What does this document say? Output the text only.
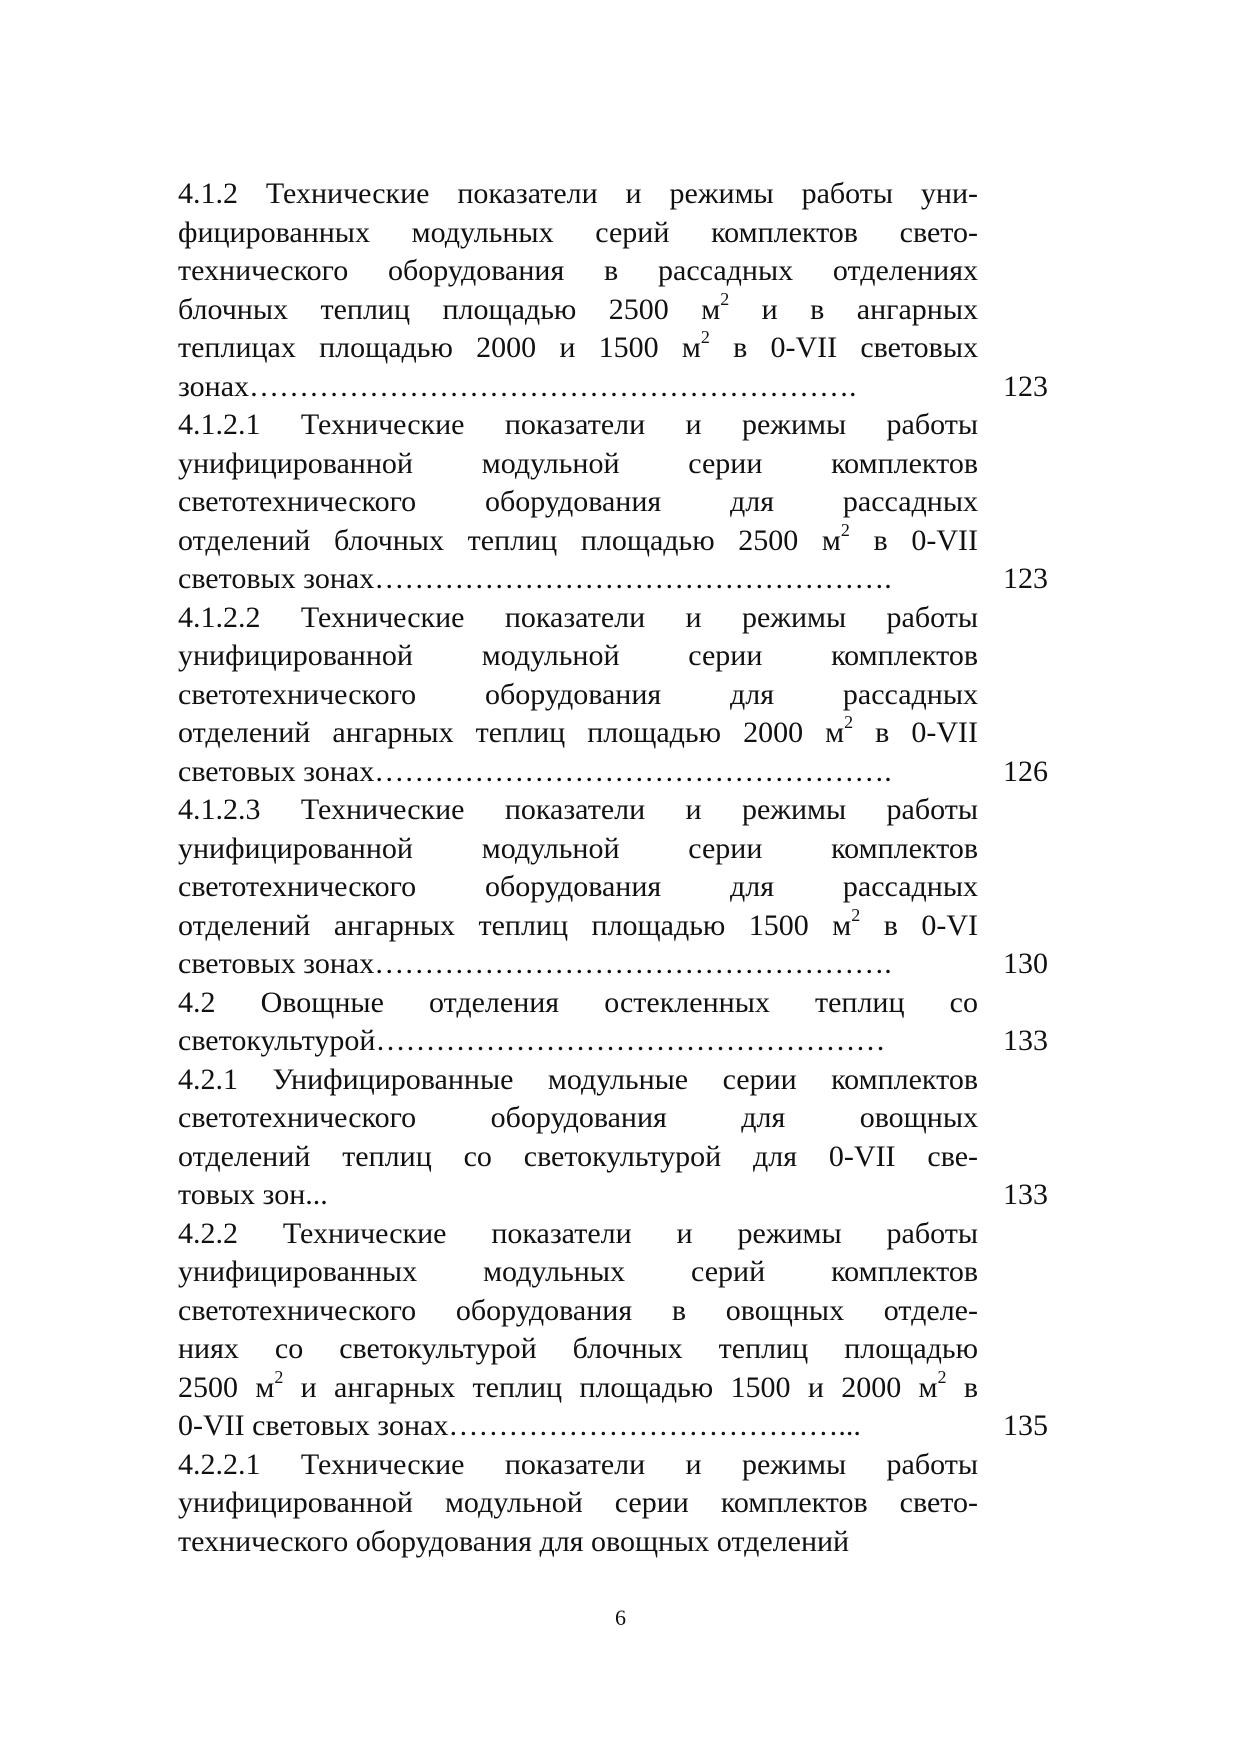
4.1.2 Технические показатели и режимы работы уни-
фицированных модульных серий комплектов свето-
технического оборудования в рассадных отделениях
блочных теплиц площадью 2500 $м^2$ и в ангарных
теплицах площадью 2000 и 1500 $м^2$ в 0-VII световых
зонах…………………………………………………….	123
4.1.2.1 Технические показатели и режимы работы
унифицированной модульной серии комплектов
светотехнического оборудования для рассадных
отделений блочных теплиц площадью 2500 $м^2$ в 0-VII
световых зонах…………………………………………….	123
4.1.2.2 Технические показатели и режимы работы
унифицированной модульной серии комплектов
светотехнического оборудования для рассадных
отделений ангарных теплиц площадью 2000 $м^2$ в 0-VII
световых зонах…………………………………………….	126
4.1.2.3 Технические показатели и режимы работы
унифицированной модульной серии комплектов
светотехнического оборудования для рассадных
отделений ангарных теплиц площадью 1500 $м^2$ в 0-VI
световых зонах…………………………………………….	130
4.2 Овощные отделения остекленных теплиц со
светокультурой……………………………………………	133
4.2.1 Унифицированные модульные серии комплектов
светотехнического оборудования для овощных
отделений теплиц со светокультурой для 0-VII све-
товых зон...	133
4.2.2 Технические показатели и режимы работы
унифицированных модульных серий комплектов
светотехнического оборудования в овощных отделе-
ниях со светокультурой блочных теплиц площадью
2500 $м^2$ и ангарных теплиц площадью 1500 и 2000 $м^2$ в
0-VII световых зонах…………………………………...	135
4.2.2.1 Технические показатели и режимы работы
унифицированной модульной серии комплектов свето-
технического оборудования для овощных отделений
6
